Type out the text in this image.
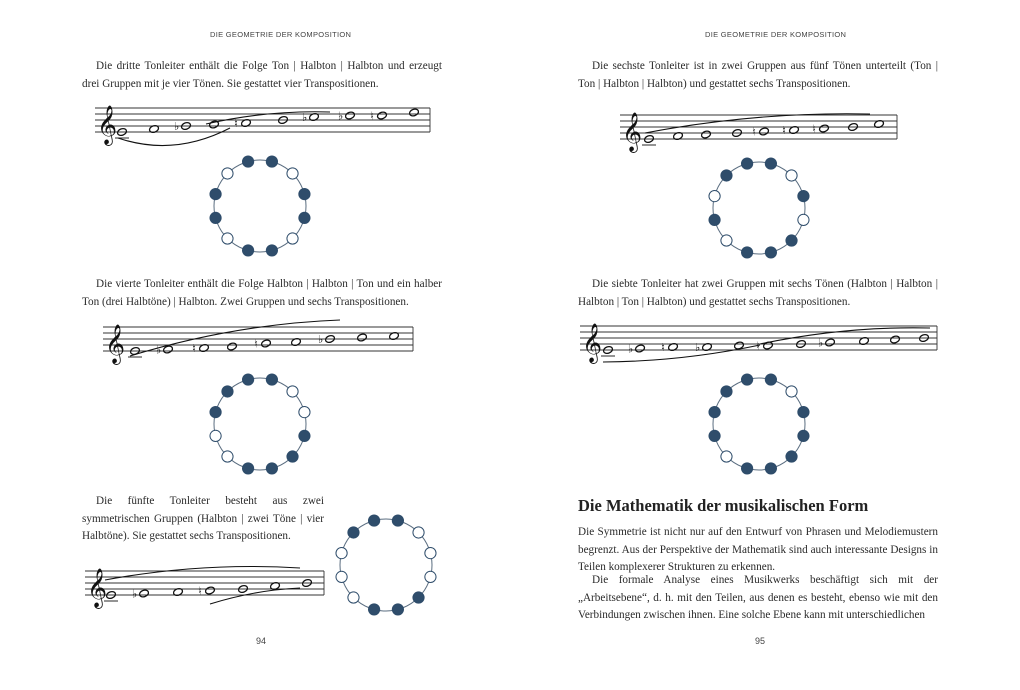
DIE GEOMETRIE DER KOMPOSITION
Die dritte Tonleiter enthält die Folge Ton | Halbton | Halbton und erzeugt drei Gruppen mit je vier Tönen. Sie gestattet vier Transpositionen.
Die vierte Tonleiter enthält die Folge Halbton | Halbton | Ton und ein halber Ton (drei Halbtöne) | Halbton. Zwei Gruppen und sechs Transpositionen.
Die fünfte Tonleiter besteht aus zwei symmetrischen Gruppen (Halbton | zwei Töne | vier Halbtöne). Sie gestattet sechs Transpositionen.
94
DIE GEOMETRIE DER KOMPOSITION
Die sechste Tonleiter ist in zwei Gruppen aus fünf Tönen unterteilt (Ton | Ton | Halbton | Halbton) und gestattet sechs Transpositionen.
Die siebte Tonleiter hat zwei Gruppen mit sechs Tönen (Halbton | Halbton | Halbton | Ton | Halbton) und gestattet sechs Transpositionen.
Die Mathematik der musikalischen Form
Die Symmetrie ist nicht nur auf den Entwurf von Phrasen und Melodiemustern begrenzt. Aus der Perspektive der Mathematik sind auch interessante Designs in Teilen komplexerer Strukturen zu erkennen.
Die formale Analyse eines Musikwerks beschäftigt sich mit der „Arbeitsebene“, d. h. mit den Teilen, aus denen es besteht, ebenso wie mit den Verbindungen zwischen ihnen. Eine solche Ebene kann mit unterschiedlichen
95
𝄞	♭	♮	♭	♭ ♮
𝄞	♭	♮	♮	♭
𝄞 ♭	♮
𝄞	♮ ♮ ♮
𝄞 ♭	♮	♭	♮	♭
